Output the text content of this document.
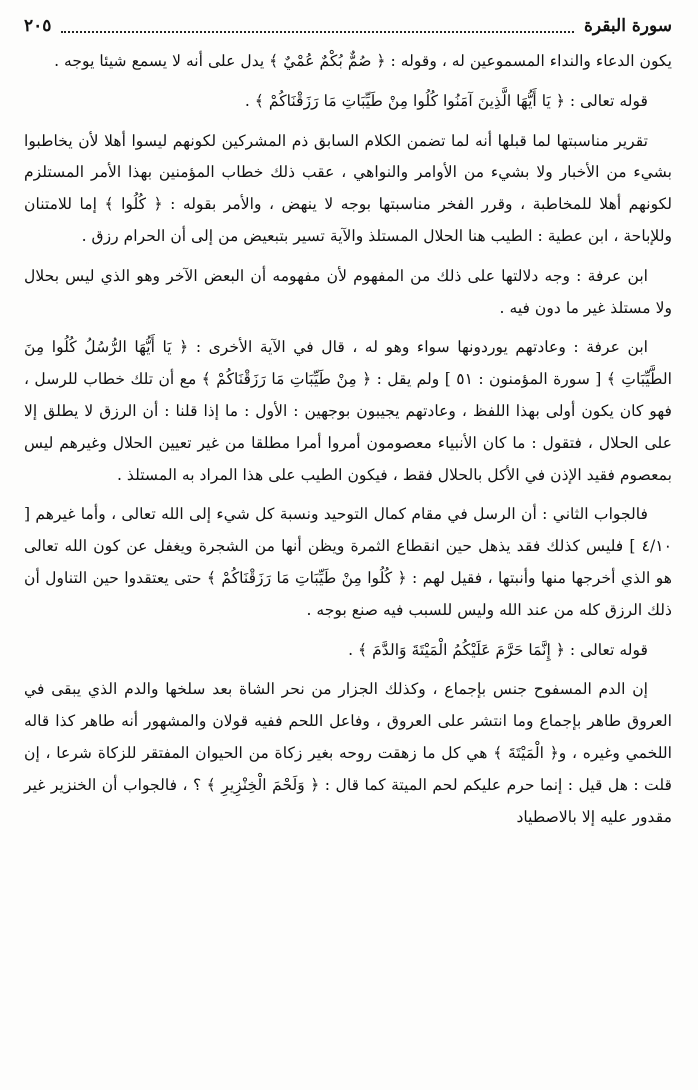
سورة البقرة
٢٠٥

يكون الدعاء والنداء المسموعين له ، وقوله : ﴿ صُمٌّ بُكْمٌ عُمْيٌ ﴾ يدل على أنه لا يسمع شيئا يوجه .

قوله تعالى : ﴿ يَا أَيُّهَا الَّذِينَ آمَنُوا كُلُوا مِنْ طَيِّبَاتِ مَا رَزَقْنَاكُمْ ﴾ .

تقرير مناسبتها لما قبلها أنه لما تضمن الكلام السابق ذم المشركين لكونهم ليسوا أهلا لأن يخاطبوا بشيء من الأخبار ولا بشيء من الأوامر والنواهي ، عقب ذلك خطاب المؤمنين بهذا الأمر المستلزم لكونهم أهلا للمخاطبة ، وقرر الفخر مناسبتها بوجه لا ينهض ، والأمر بقوله : ﴿ كُلُوا ﴾ إما للامتنان وللإباحة ، ابن عطية : الطيب هنا الحلال المستلذ والآية تسير بتبعيض من إلى أن الحرام رزق .

ابن عرفة : وجه دلالتها على ذلك من المفهوم لأن مفهومه أن البعض الآخر وهو الذي ليس بحلال ولا مستلذ غير ما دون فيه .

ابن عرفة : وعادتهم يوردونها سواء وهو له ، قال في الآية الأخرى : ﴿ يَا أَيُّهَا الرُّسُلُ كُلُوا مِنَ الطَّيِّبَاتِ ﴾ [ سورة المؤمنون : ٥١ ] ولم يقل : ﴿ مِنْ طَيِّبَاتِ مَا رَزَقْنَاكُمْ ﴾ مع أن تلك خطاب للرسل ، فهو كان يكون أولى بهذا اللفظ ، وعادتهم يجيبون بوجهين : الأول : ما إذا قلنا : أن الرزق لا يطلق إلا على الحلال ، فتقول : ما كان الأنبياء معصومون أمروا أمرا مطلقا من غير تعيين الحلال وغيرهم ليس بمعصوم فقيد الإذن في الأكل بالحلال فقط ، فيكون الطيب على هذا المراد به المستلذ .

فالجواب الثاني : أن الرسل في مقام كمال التوحيد ونسبة كل شيء إلى الله تعالى ، وأما غيرهم [ ٤/١٠ ] فليس كذلك فقد يذهل حين انقطاع الثمرة ويظن أنها من الشجرة ويغفل عن كون الله تعالى هو الذي أخرجها منها وأنبتها ، فقيل لهم : ﴿ كُلُوا مِنْ طَيِّبَاتِ مَا رَزَقْنَاكُمْ ﴾ حتى يعتقدوا حين التناول أن ذلك الرزق كله من عند الله وليس للسبب فيه صنع بوجه .

قوله تعالى : ﴿ إِنَّمَا حَرَّمَ عَلَيْكُمُ الْمَيْتَةَ وَالدَّمَ ﴾ .

إن الدم المسفوح جنس بإجماع ، وكذلك الجزار من نحر الشاة بعد سلخها والدم الذي يبقى في العروق طاهر بإجماع وما انتشر على العروق ، وفاعل اللحم ففيه قولان والمشهور أنه طاهر كذا قاله اللخمي وغيره ، و﴿ الْمَيْتَةَ ﴾ هي كل ما زهقت روحه بغير زكاة من الحيوان المفتقر للزكاة شرعا ، إن قلت : هل قيل : إنما حرم عليكم لحم الميتة كما قال : ﴿ وَلَحْمَ الْخِنْزِيرِ ﴾ ؟ ، فالجواب أن الخنزير غير مقدور عليه إلا بالاصطياد
